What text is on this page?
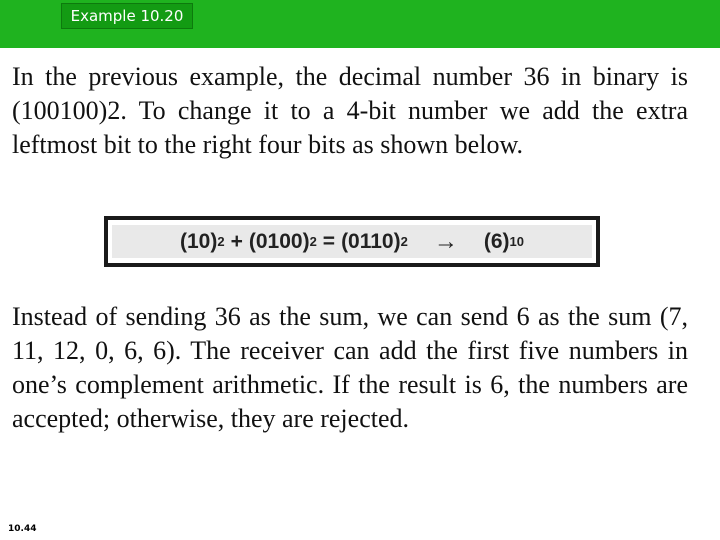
Example 10.20

In the previous example, the decimal number 36 in binary is (100100)2. To change it to a 4-bit number we add the extra leftmost bit to the right four bits as shown below.

(10) 2 + (0100) 2 = (0110) 2 → (6) 10

Instead of sending 36 as the sum, we can send 6 as the sum (7, 11, 12, 0, 6, 6). The receiver can add the first five numbers in one’s complement arithmetic. If the result is 6, the numbers are accepted; otherwise, they are rejected.

10.44
